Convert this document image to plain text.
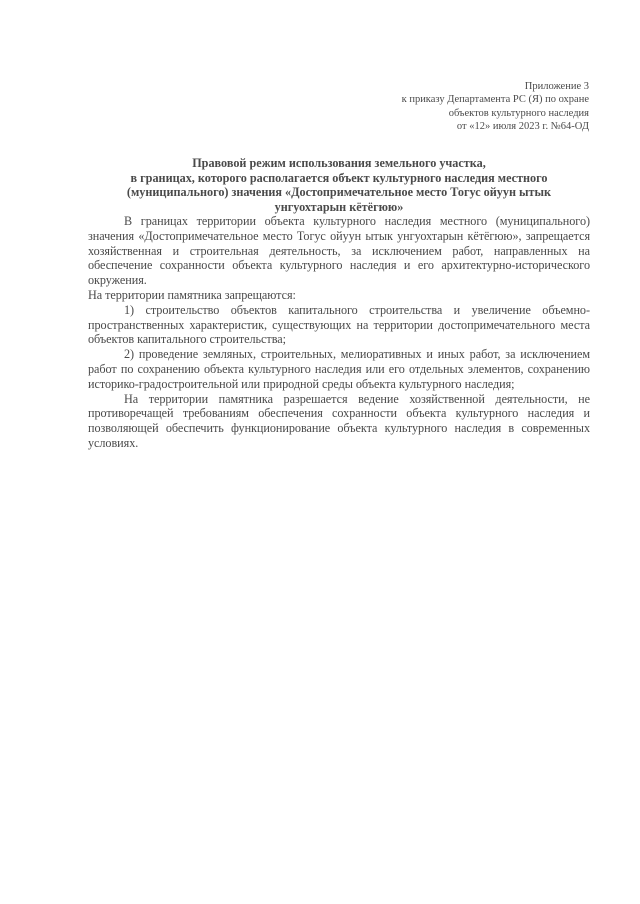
Приложение 3
к приказу Департамента РС (Я) по охране
объектов культурного наследия
от «12» июля 2023 г. №64-ОД
Правовой режим использования земельного участка,
в границах, которого располагается объект культурного наследия местного
(муниципального) значения «Достопримечательное место Тогус ойуун ытык
унгуохтарын кётёгюю»

В границах территории объекта культурного наследия местного (муниципального) значения «Достопримечательное место Тогус ойуун ытык унгуохтарын кётёгюю», запрещается хозяйственная и строительная деятельность, за исключением работ, направленных на обеспечение сохранности объекта культурного наследия и его архитектурно-исторического окружения.

На территории памятника запрещаются:

1) строительство объектов капитального строительства и увеличение объемно-пространственных характеристик, существующих на территории достопримечательного места объектов капитального строительства;

2) проведение земляных, строительных, мелиоративных и иных работ, за исключением работ по сохранению объекта культурного наследия или его отдельных элементов, сохранению историко-градостроительной или природной среды объекта культурного наследия;

На территории памятника разрешается ведение хозяйственной деятельности, не противоречащей требованиям обеспечения сохранности объекта культурного наследия и позволяющей обеспечить функционирование объекта культурного наследия в современных условиях.
